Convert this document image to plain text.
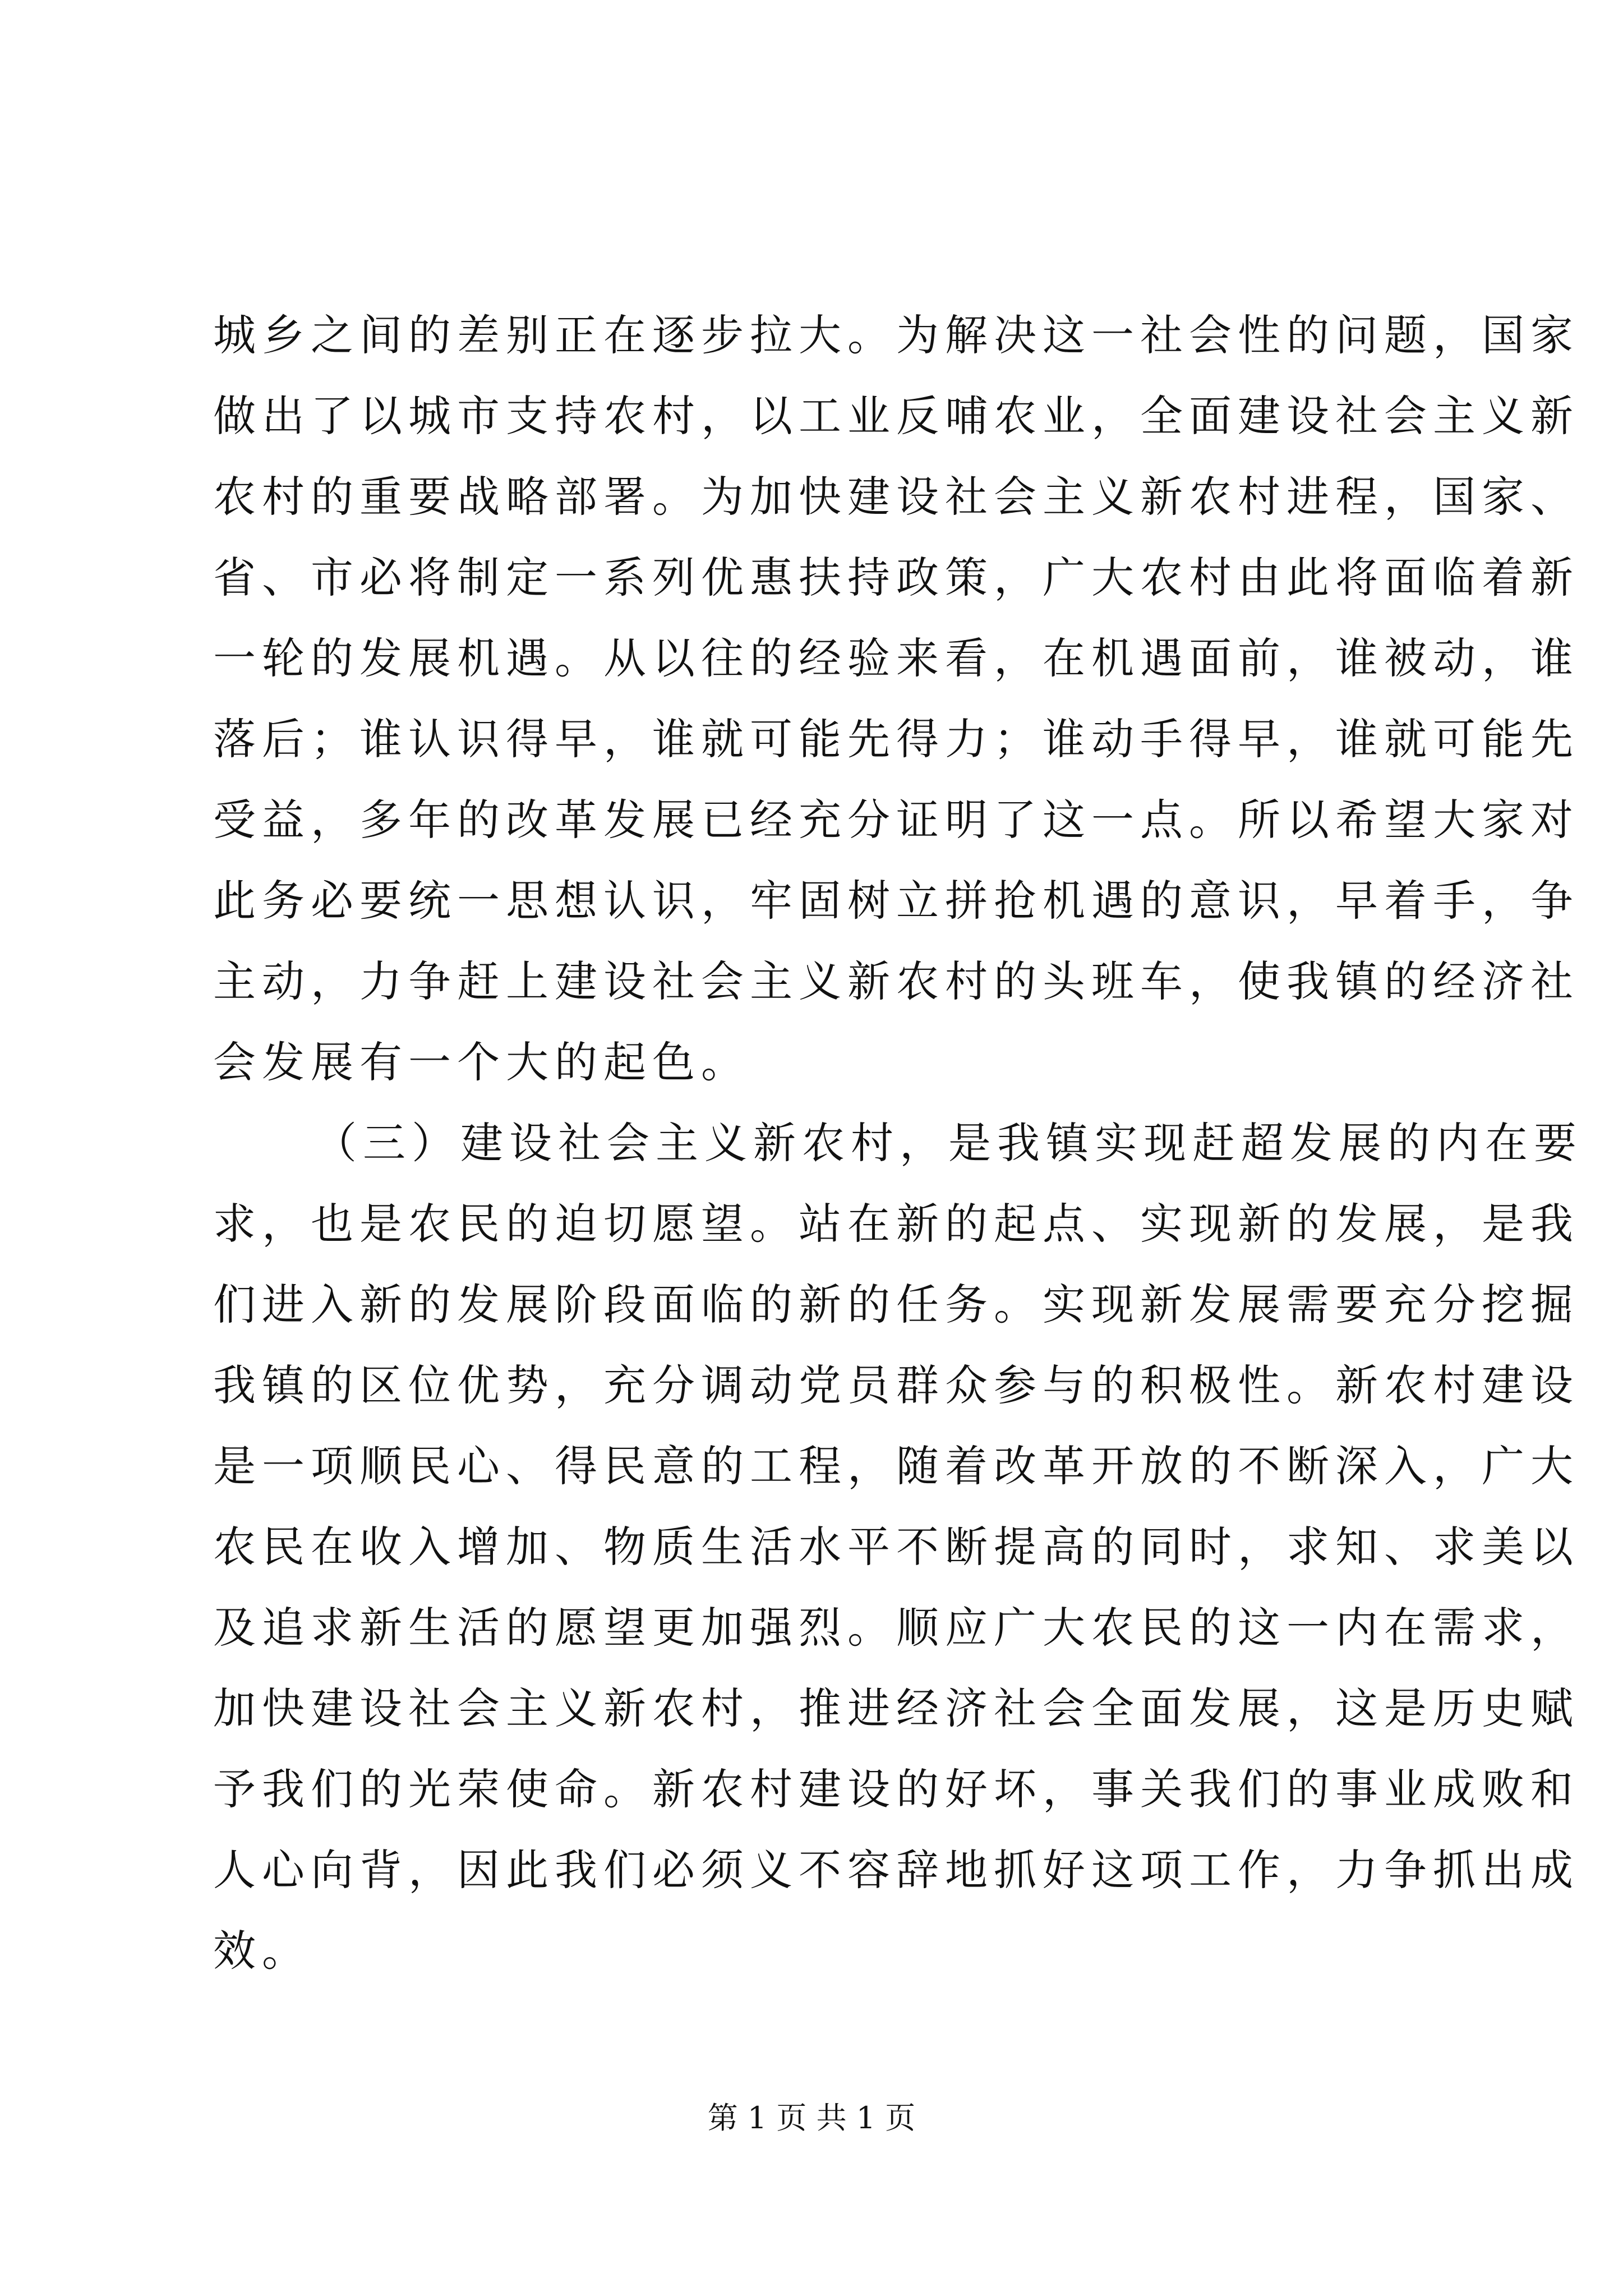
城乡之间的差别正在逐步拉大。为解决这一社会性的问题，国家
做出了以城市支持农村，以工业反哺农业，全面建设社会主义新
农村的重要战略部署。为加快建设社会主义新农村进程，国家、
省、市必将制定一系列优惠扶持政策，广大农村由此将面临着新
一轮的发展机遇。从以往的经验来看，在机遇面前，谁被动，谁
落后；谁认识得早，谁就可能先得力；谁动手得早，谁就可能先
受益，多年的改革发展已经充分证明了这一点。所以希望大家对
此务必要统一思想认识，牢固树立拼抢机遇的意识，早着手，争
主动，力争赶上建设社会主义新农村的头班车，使我镇的经济社
会发展有一个大的起色。
（三）建设社会主义新农村，是我镇实现赶超发展的内在要
求，也是农民的迫切愿望。站在新的起点、实现新的发展，是我
们进入新的发展阶段面临的新的任务。实现新发展需要充分挖掘
我镇的区位优势，充分调动党员群众参与的积极性。新农村建设
是一项顺民心、得民意的工程，随着改革开放的不断深入，广大
农民在收入增加、物质生活水平不断提高的同时，求知、求美以
及追求新生活的愿望更加强烈。顺应广大农民的这一内在需求，
加快建设社会主义新农村，推进经济社会全面发展，这是历史赋
予我们的光荣使命。新农村建设的好坏，事关我们的事业成败和
人心向背，因此我们必须义不容辞地抓好这项工作，力争抓出成
效。
第 1 页 共 1 页
